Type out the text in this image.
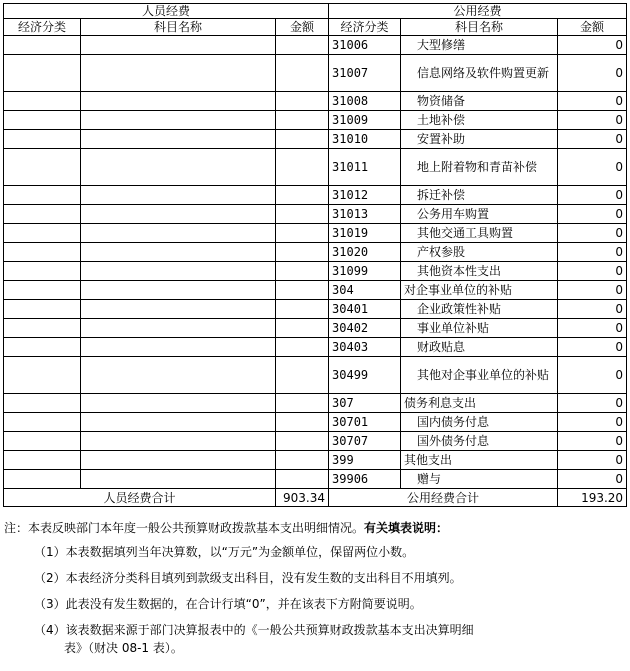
人员经费			公用经费		
经济分类	科目名称	金额	经济分类	科目名称	金额
			31006	大型修缮	0
			31007	信息网络及软件购置更新	0
			31008	物资储备	0
			31009	土地补偿	0
			31010	安置补助	0
			31011	地上附着物和青苗补偿	0
			31012	拆迁补偿	0
			31013	公务用车购置	0
			31019	其他交通工具购置	0
			31020	产权参股	0
			31099	其他资本性支出	0
			304	对企事业单位的补贴	0
			30401	企业政策性补贴	0
			30402	事业单位补贴	0
			30403	财政贴息	0
			30499	其他对企事业单位的补贴	0
			307	债务利息支出	0
			30701	国内债务付息	0
			30707	国外债务付息	0
			399	其他支出	0
			39906	赠与	0
人员经费合计		903.34	公用经费合计		193.20

注：本表反映部门本年度一般公共预算财政拨款基本支出明细情况。有关填表说明：

（1）本表数据填列当年决算数，以“万元”为金额单位，保留两位小数。

（2）本表经济分类科目填列到款级支出科目，没有发生数的支出科目不用填列。

（3）此表没有发生数据的，在合计行填“0”，并在该表下方附简要说明。

（4）该表数据来源于部门决算报表中的《一般公共预算财政拨款基本支出决算明细

表》（财决 08-1 表）。
